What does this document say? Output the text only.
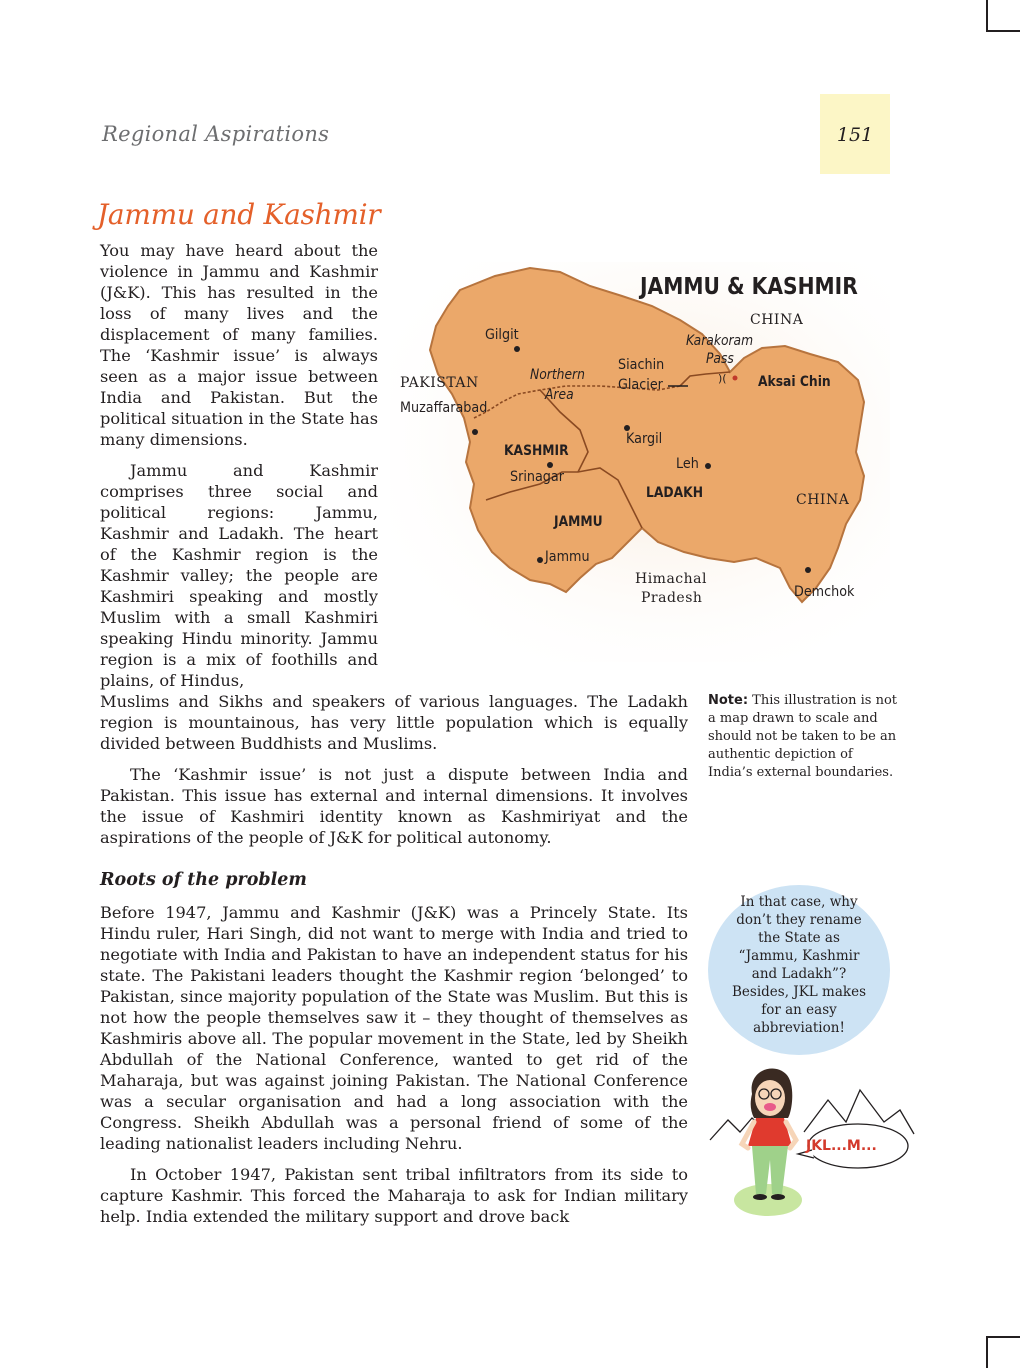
Regional Aspirations	151
Jammu and Kashmir

You may have heard about the violence in Jammu and Kashmir (J&K). This has resulted in the loss of many lives and the displacement of many families. The ‘Kashmir issue’ is always seen as a major issue between India and Pakistan. But the political situation in the State has many dimensions.

Jammu and Kashmir comprises three social and political regions: Jammu, Kashmir and Ladakh. The heart of the Kashmir region is the Kashmir valley; the people are Kashmiri speaking and mostly Muslim with a small Kashmiri speaking Hindu minority. Jammu region is a mix of foothills and plains, of Hindus,

Muslims and Sikhs and speakers of various languages. The Ladakh region is mountainous, has very little population which is equally divided between Buddhists and Muslims.

The ‘Kashmir issue’ is not just a dispute between India and Pakistan. This issue has external and internal dimensions. It involves the issue of Kashmiri identity known as Kashmiriyat and the aspirations of the people of J&K for political autonomy.

Roots of the problem

Before 1947, Jammu and Kashmir (J&K) was a Princely State. Its Hindu ruler, Hari Singh, did not want to merge with India and tried to negotiate with India and Pakistan to have an independent status for his state. The Pakistani leaders thought the Kashmir region ‘belonged’ to Pakistan, since majority population of the State was Muslim. But this is not how the people themselves saw it – they thought of themselves as Kashmiris above all. The popular movement in the State, led by Sheikh Abdullah of the National Conference, wanted to get rid of the Maharaja, but was against joining Pakistan. The National Conference was a secular organisation and had a long association with the Congress. Sheikh Abdullah was a personal friend of some of the leading nationalist leaders including Nehru.

In October 1947, Pakistan sent tribal infiltrators from its side to capture Kashmir. This forced the Maharaja to ask for Indian military help. India extended the military support and drove back

)(
JAMMU & KASHMIR
CHINA
Karakoram
Pass
Gilgit
PAKISTAN
Muzaffarabad
Northern
Area
Siachin
Glacier	Aksai Chin
Kargil
KASHMIR
Srinagar
Leh
LADAKH	CHINA
JAMMU
Jammu
Himachal
Pradesh	Demchok
Note: This illustration is not a map drawn to scale and should not be taken to be an authentic depiction of India’s external boundaries.
In that case, why don’t they rename the State as “Jammu, Kashmir and Ladakh”? Besides, JKL makes for an easy abbreviation!
JKL...M...
